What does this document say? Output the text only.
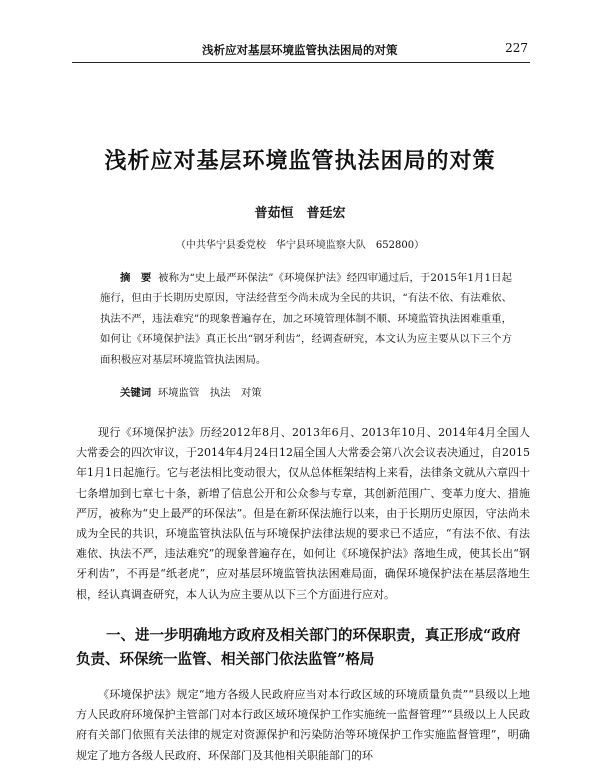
浅析应对基层环境监管执法困局的对策	227
浅析应对基层环境监管执法困局的对策
普茹恒　普廷宏
（中共华宁县委党校　华宁县环境监察大队　652800）
摘　要 被称为“史上最严环保法”《环境保护法》经四审通过后，于2015年1月1日起施行，但由于长期历史原因，守法经营至今尚未成为全民的共识，“有法不依、有法难依、执法不严，违法难究”的现象普遍存在，加之环境管理体制不顺、环境监管执法困难重重，如何让《环境保护法》真正长出“钢牙利齿”，经调查研究，本文认为应主要从以下三个方面积极应对基层环境监管执法困局。
关键词 环境监管　执法　对策
现行《环境保护法》历经2012年8月、2013年6月、2013年10月、2014年4月全国人大常委会的四次审议，于2014年4月24日12届全国人大常委会第八次会议表决通过，自2015年1月1日起施行。它与老法相比变动很大，仅从总体框架结构上来看，法律条文就从六章四十七条增加到七章七十条，新增了信息公开和公众参与专章，其创新范围广、变革力度大、措施严厉，被称为“史上最严的环保法”。但是在新环保法施行以来，由于长期历史原因，守法尚未成为全民的共识，环境监管执法队伍与环境保护法律法规的要求已不适应，“有法不依、有法难依、执法不严，违法难究”的现象普遍存在，如何让《环境保护法》落地生成，使其长出“钢牙利齿”，不再是“纸老虎”，应对基层环境监管执法困难局面，确保环境保护法在基层落地生根，经认真调查研究，本人认为应主要从以下三个方面进行应对。
一、进一步明确地方政府及相关部门的环保职责，真正形成“政府负责、环保统一监管、相关部门依法监管”格局
《环境保护法》规定“地方各级人民政府应当对本行政区域的环境质量负责”“县级以上地方人民政府环境保护主管部门对本行政区域环境保护工作实施统一监督管理”“县级以上人民政府有关部门依照有关法律的规定对资源保护和污染防治等环境保护工作实施监督管理”，明确规定了地方各级人民政府、环保部门及其他相关职能部门的环
